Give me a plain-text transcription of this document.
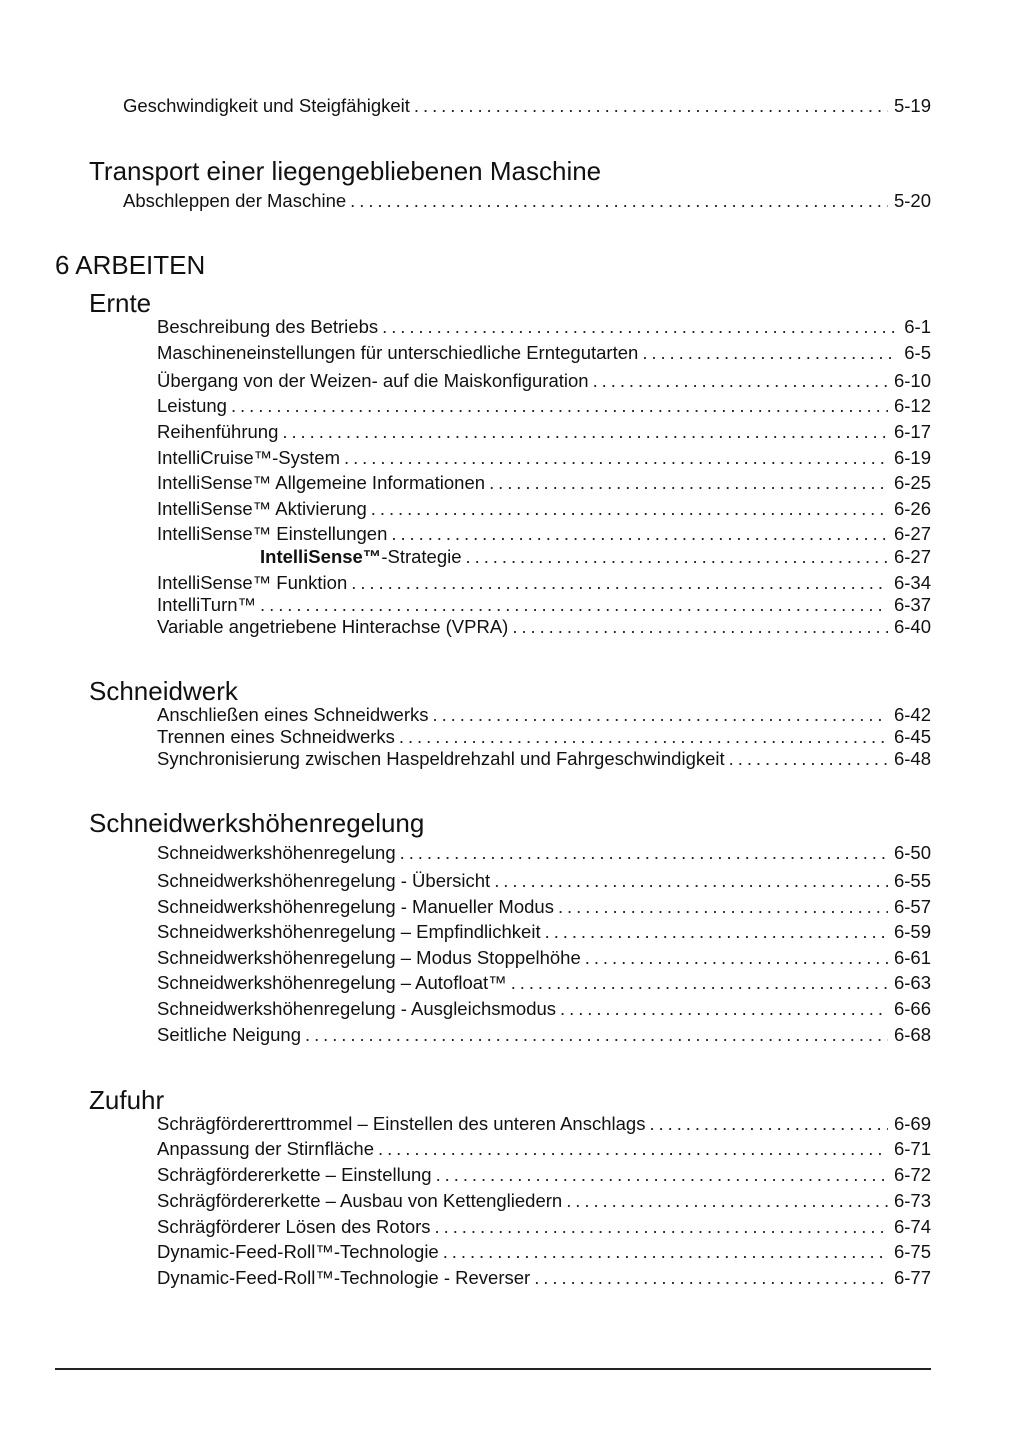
Geschwindigkeit und Steigfähigkeit . . .	5-19
Transport einer liegengebliebenen Maschine
Abschleppen der Maschine . . .	5-20
6 ARBEITEN
Ernte
Beschreibung des Betriebs . . .	6-1
Maschineneinstellungen für unterschiedliche Erntegutarten . . .	6-5
Übergang von der Weizen- auf die Maiskonfiguration . . .	6-10
Leistung . . .	6-12
Reihenführung . . .	6-17
IntelliCruise™-System . . .	6-19
IntelliSense™ Allgemeine Informationen . . .	6-25
IntelliSense™ Aktivierung . . .	6-26
IntelliSense™ Einstellungen . . .	6-27
IntelliSense™-Strategie . . .	6-27
IntelliSense™ Funktion . . .	6-34
IntelliTurn™ . . .	6-37
Variable angetriebene Hinterachse (VPRA) . . .	6-40
Schneidwerk
Anschließen eines Schneidwerks . . .	6-42
Trennen eines Schneidwerks . . .	6-45
Synchronisierung zwischen Haspeldrehzahl und Fahrgeschwindigkeit . . .	6-48
Schneidwerkshöhenregelung
Schneidwerkshöhenregelung . . .	6-50
Schneidwerkshöhenregelung - Übersicht . . .	6-55
Schneidwerkshöhenregelung - Manueller Modus . . .	6-57
Schneidwerkshöhenregelung – Empfindlichkeit . . .	6-59
Schneidwerkshöhenregelung – Modus Stoppelhöhe . . .	6-61
Schneidwerkshöhenregelung – Autofloat™ . . .	6-63
Schneidwerkshöhenregelung - Ausgleichsmodus . . .	6-66
Seitliche Neigung . . .	6-68
Zufuhr
Schrägfördererttrommel – Einstellen des unteren Anschlags . . .	6-69
Anpassung der Stirnfläche . . .	6-71
Schrägfördererkette – Einstellung . . .	6-72
Schrägfördererkette – Ausbau von Kettengliedern . . .	6-73
Schrägförderer Lösen des Rotors . . .	6-74
Dynamic-Feed-Roll™-Technologie . . .	6-75
Dynamic-Feed-Roll™-Technologie - Reverser . . .	6-77
